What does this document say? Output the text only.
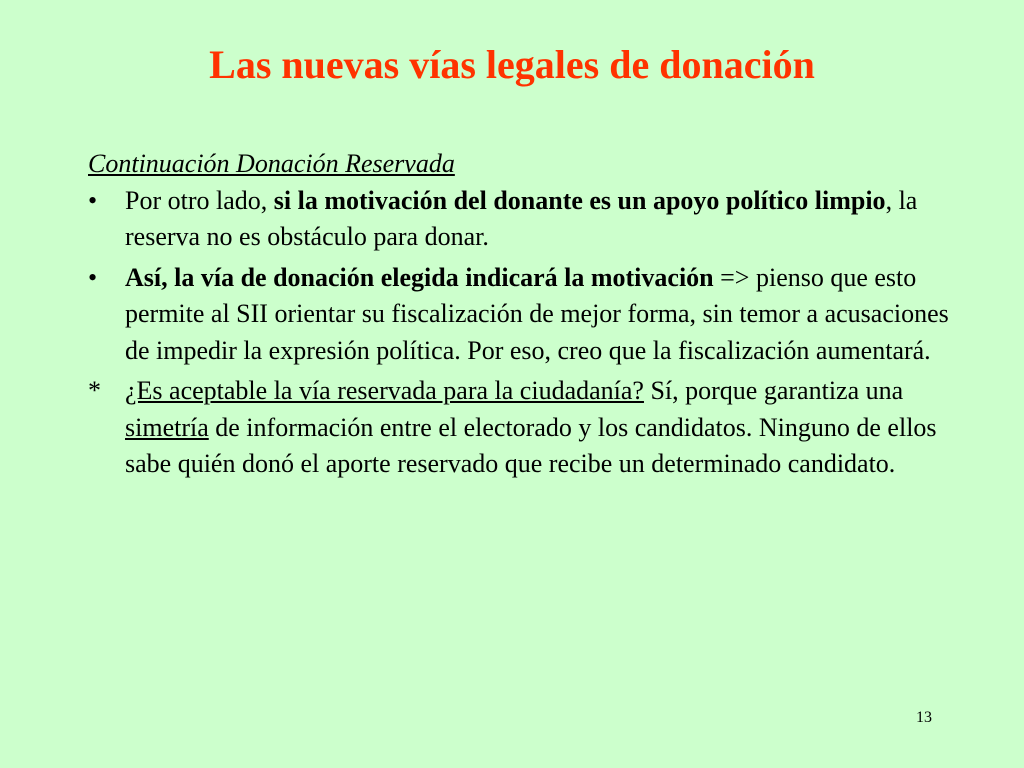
Las nuevas vías legales de donación

Continuación Donación Reservada

• Por otro lado, si la motivación del donante es un apoyo político limpio, la reserva no es obstáculo para donar.

• Así, la vía de donación elegida indicará la motivación => pienso que esto permite al SII orientar su fiscalización de mejor forma, sin temor a acusaciones de impedir la expresión política. Por eso, creo que la fiscalización aumentará.

* ¿Es aceptable la vía reservada para la ciudadanía? Sí, porque garantiza una simetría de información entre el electorado y los candidatos. Ninguno de ellos sabe quién donó el aporte reservado que recibe un determinado candidato.

13
